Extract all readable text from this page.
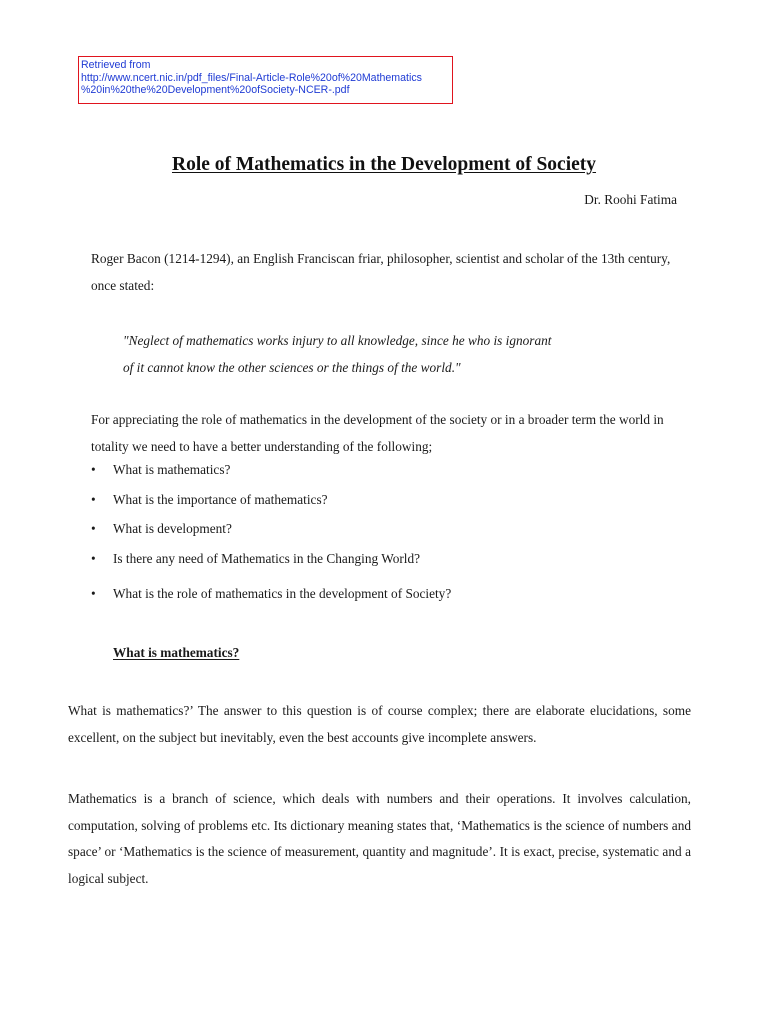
Retrieved from
http://www.ncert.nic.in/pdf_files/Final-Article-Role%20of%20Mathematics
%20in%20the%20Development%20ofSociety-NCER-.pdf
Role of Mathematics in the Development of Society
Dr. Roohi Fatima
Roger Bacon (1214-1294), an English Franciscan friar, philosopher, scientist and scholar of the 13th century, once stated:
"Neglect of mathematics works injury to all knowledge, since he who is ignorant
of it cannot know the other sciences or the things of the world."
For appreciating the role of mathematics in the development of the society or in a broader term the world in totality we need to have a better understanding of the following;
• What is mathematics?
• What is the importance of mathematics?
• What is development?
• Is there any need of Mathematics in the Changing World?
• What is the role of mathematics in the development of Society?
What is mathematics?
What is mathematics?’ The answer to this question is of course complex; there are elaborate elucidations, some excellent, on the subject but inevitably, even the best accounts give incomplete answers.
Mathematics is a branch of science, which deals with numbers and their operations. It involves calculation, computation, solving of problems etc. Its dictionary meaning states that, ‘Mathematics is the science of numbers and space’ or ‘Mathematics is the science of measurement, quantity and magnitude’. It is exact, precise, systematic and a logical subject.
